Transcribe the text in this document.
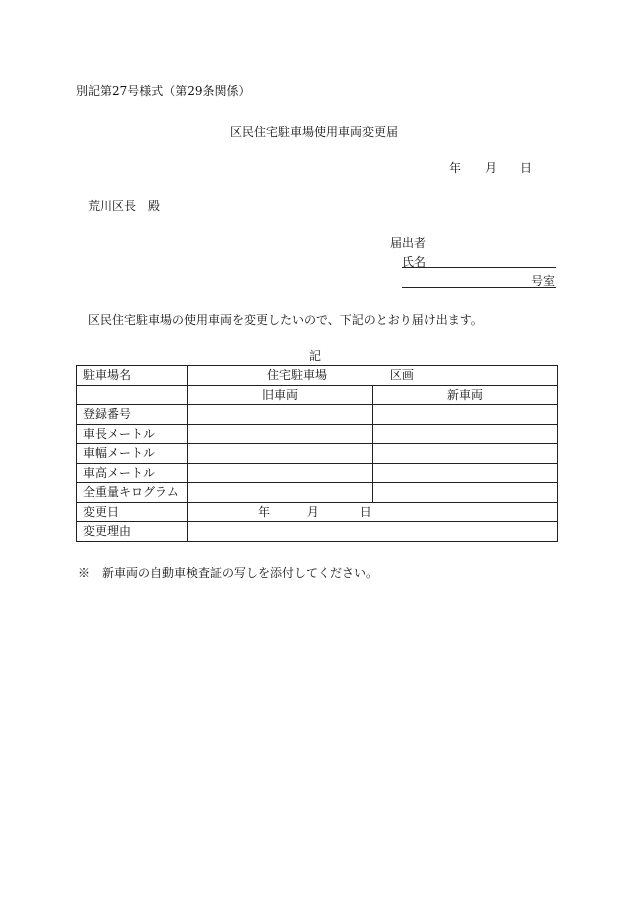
別記第27号様式（第29条関係）
区民住宅駐車場使用車両変更届
年 月 日
荒川区長　殿
届出者
氏名
号室
区民住宅駐車場の使用車両を変更したいので、下記のとおり届け出ます。
記
駐車場名	住宅駐車場 区画	
	旧車両	新車両
登録番号		
車長メートル		
車幅メートル		
車高メートル		
全重量キログラム		
変更日	年 月 日	
変更理由		
※　新車両の自動車検査証の写しを添付してください。
